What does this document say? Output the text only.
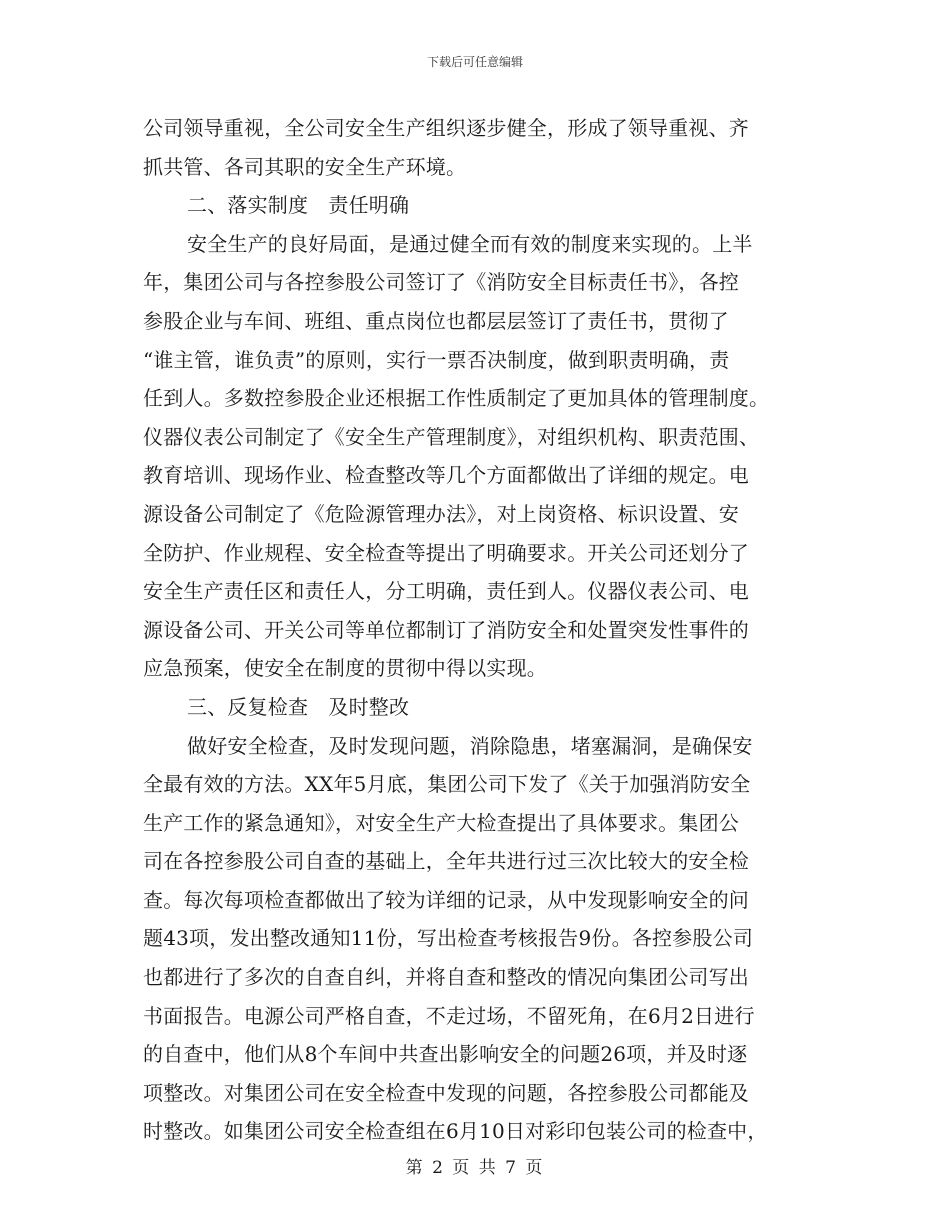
下载后可任意编辑
公司领导重视，全公司安全生产组织逐步健全，形成了领导重视、齐
抓共管、各司其职的安全生产环境。
二、落实制度　责任明确
安全生产的良好局面，是通过健全而有效的制度来实现的。上半
年，集团公司与各控参股公司签订了《消防安全目标责任书》，各控
参股企业与车间、班组、重点岗位也都层层签订了责任书，贯彻了
“谁主管，谁负责”的原则，实行一票否决制度，做到职责明确，责
任到人。多数控参股企业还根据工作性质制定了更加具体的管理制度。
仪器仪表公司制定了《安全生产管理制度》，对组织机构、职责范围、
教育培训、现场作业、检查整改等几个方面都做出了详细的规定。电
源设备公司制定了《危险源管理办法》，对上岗资格、标识设置、安
全防护、作业规程、安全检查等提出了明确要求。开关公司还划分了
安全生产责任区和责任人，分工明确，责任到人。仪器仪表公司、电
源设备公司、开关公司等单位都制订了消防安全和处置突发性事件的
应急预案，使安全在制度的贯彻中得以实现。
三、反复检查　及时整改
做好安全检查，及时发现问题，消除隐患，堵塞漏洞，是确保安
全最有效的方法。XX年5月底，集团公司下发了《关于加强消防安全
生产工作的紧急通知》，对安全生产大检查提出了具体要求。集团公
司在各控参股公司自查的基础上，全年共进行过三次比较大的安全检
查。每次每项检查都做出了较为详细的记录，从中发现影响安全的问
题43项，发出整改通知11份，写出检查考核报告9份。各控参股公司
也都进行了多次的自查自纠，并将自查和整改的情况向集团公司写出
书面报告。电源公司严格自查，不走过场，不留死角，在6月2日进行
的自查中，他们从8个车间中共查出影响安全的问题26项，并及时逐
项整改。对集团公司在安全检查中发现的问题，各控参股公司都能及
时整改。如集团公司安全检查组在6月10日对彩印包装公司的检查中，
第 2 页 共 7 页
